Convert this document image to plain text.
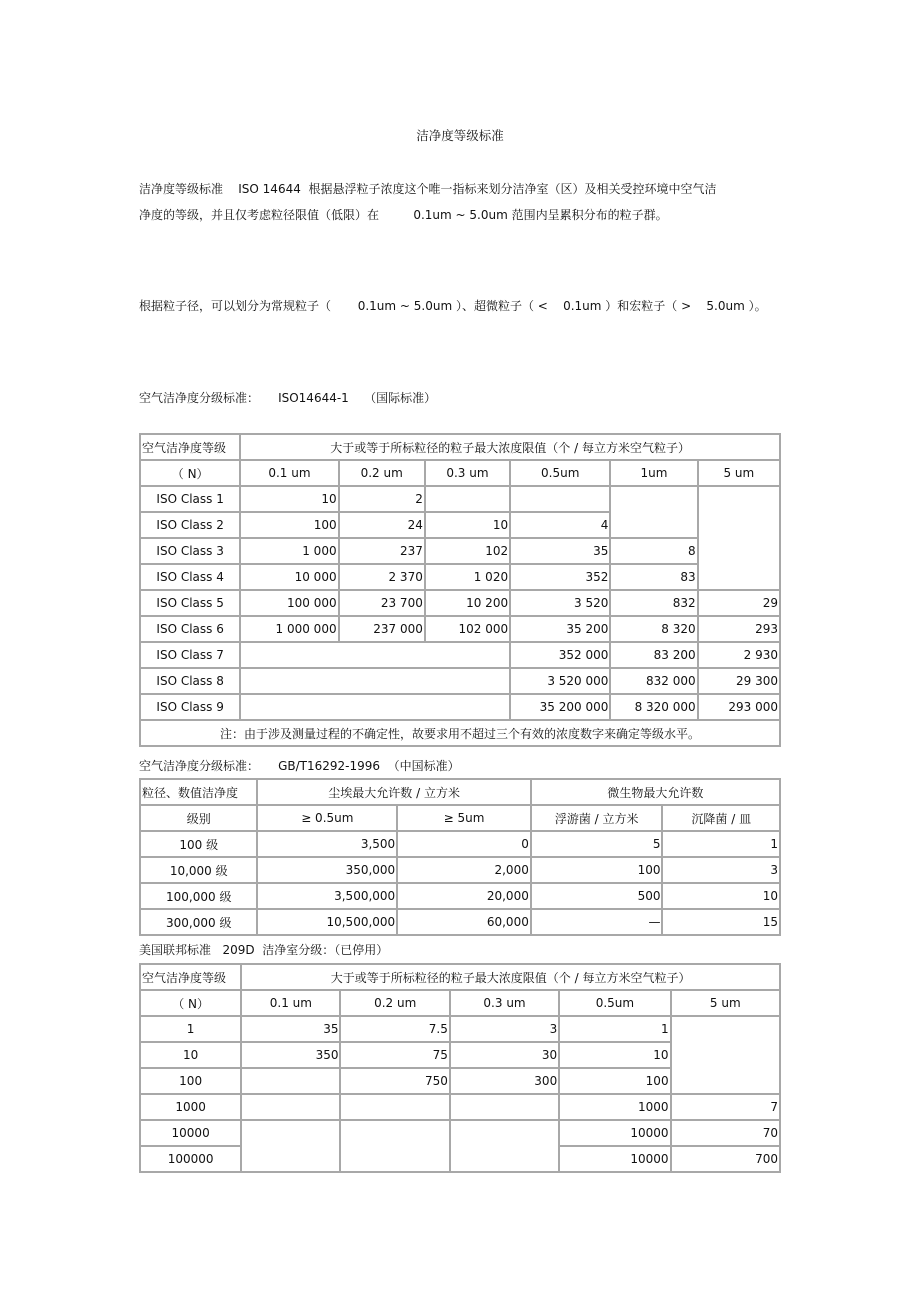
洁净度等级标准
洁净度等级标准    ISO 14644  根据悬浮粒子浓度这个唯一指标来划分洁净室（区）及相关受控环境中空气洁
净度的等级，并且仅考虑粒径限值（低限）在         0.1um ~ 5.0um 范围内呈累积分布的粒子群。
根据粒子径，可以划分为常规粒子（       0.1um ~ 5.0um ）、超微粒子（ <    0.1um ）和宏粒子（ >    5.0um ）。
空气洁净度分级标准：     ISO14644-1    （国际标准）
空气洁净度等级	大于或等于所标粒径的粒子最大浓度限值（个 / 每立方米空气粒子）					
（ N）	0.1 um	0.2 um	0.3 um	0.5um	1um	5 um
ISO Class 1	10	2				
ISO Class 2	100	24	10	4		
ISO Class 3	1 000	237	102	35	8	
ISO Class 4	10 000	2 370	1 020	352	83	
ISO Class 5	100 000	23 700	10 200	3 520	832	29
ISO Class 6	1 000 000	237 000	102 000	35 200	8 320	293
ISO Class 7				352 000	83 200	2 930
ISO Class 8				3 520 000	832 000	29 300
ISO Class 9				35 200 000	8 320 000	293 000
注：由于涉及测量过程的不确定性，故要求用不超过三个有效的浓度数字来确定等级水平。						
空气洁净度分级标准：     GB/T16292-1996  （中国标准）
粒径、数值洁净度	尘埃最大允许数 / 立方米		微生物最大允许数	
级别	≥ 0.5um	≥ 5um	浮游菌 / 立方米	沉降菌 / 皿
100 级	3,500	0	5	1
10,000 级	350,000	2,000	100	3
100,000 级	3,500,000	20,000	500	10
300,000 级	10,500,000	60,000	—	15
美国联邦标准   209D  洁净室分级：（已停用）
空气洁净度等级	大于或等于所标粒径的粒子最大浓度限值（个 / 每立方米空气粒子）				
（ N）	0.1 um	0.2 um	0.3 um	0.5um	5 um
1	35	7.5	3	1	
10	350	75	30	10	
100		750	300	100	
1000				1000	7
10000				10000	70
100000				10000	700
